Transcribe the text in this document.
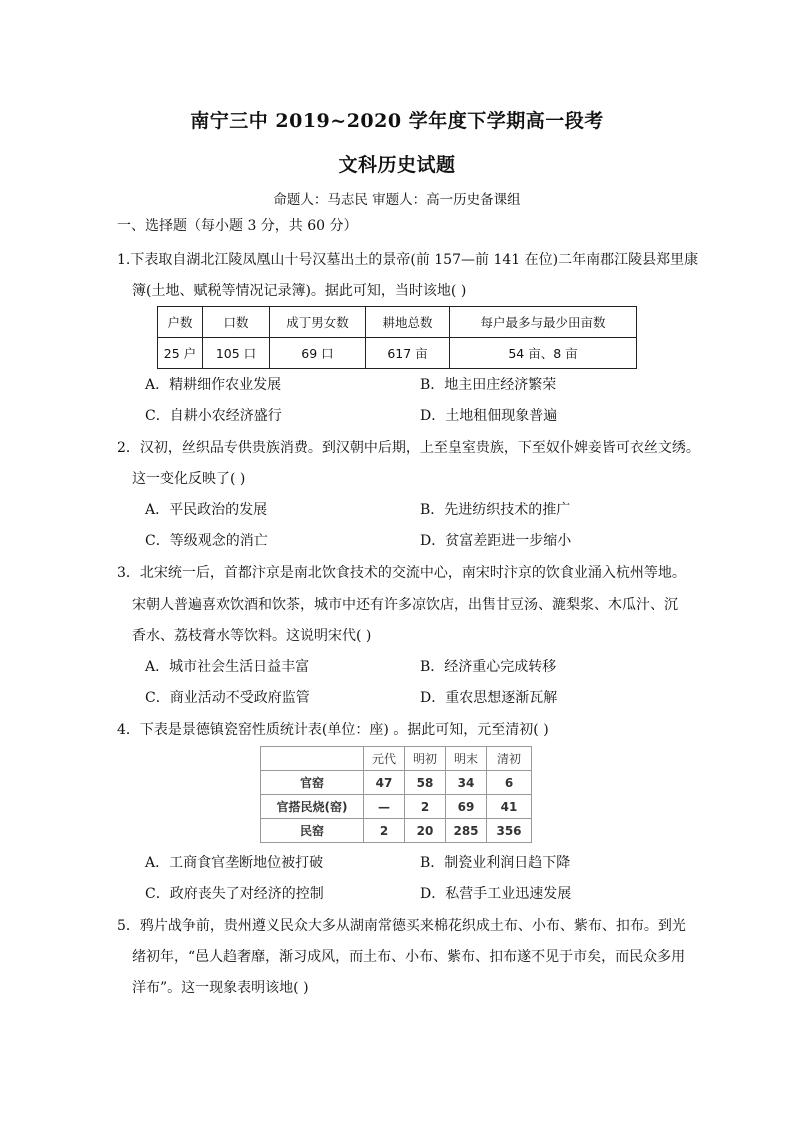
南宁三中 2019~2020 学年度下学期高一段考
文科历史试题
命题人：马志民 审题人：高一历史备课组
一、选择题（每小题 3 分，共 60 分）
1.下表取自湖北江陵凤凰山十号汉墓出土的景帝(前 157—前 141 在位)二年南郡江陵县郑里康
簿(土地、赋税等情况记录簿)。据此可知，当时该地( )
户数	口数	成丁男女数	耕地总数	每户最多与最少田亩数
25 户	105 口	69 口	617 亩	54 亩、8 亩
A．精耕细作农业发展	B．地主田庄经济繁荣
C．自耕小农经济盛行	D．土地租佃现象普遍
2．汉初，丝织品专供贵族消费。到汉朝中后期，上至皇室贵族，下至奴仆婢妾皆可衣丝文绣。
这一变化反映了( )
A．平民政治的发展	B．先进纺织技术的推广
C．等级观念的消亡	D．贫富差距进一步缩小
3．北宋统一后，首都汴京是南北饮食技术的交流中心，南宋时汴京的饮食业涌入杭州等地。
宋朝人普遍喜欢饮酒和饮茶，城市中还有许多凉饮店，出售甘豆汤、漉梨浆、木瓜汁、沉
香水、荔枝膏水等饮料。这说明宋代( )
A．城市社会生活日益丰富	B．经济重心完成转移
C．商业活动不受政府监管	D．重农思想逐渐瓦解
4．下表是景德镇瓷窑性质统计表(单位：座) 。据此可知，元至清初( )
	元代	明初	明末	清初
官窑	47	58	34	6
官搭民烧(窑)	—	2	69	41
民窑	2	20	285	356
A．工商食官垄断地位被打破	B．制瓷业利润日趋下降
C．政府丧失了对经济的控制	D．私营手工业迅速发展
5．鸦片战争前，贵州遵义民众大多从湖南常德买来棉花织成土布、小布、紫布、扣布。到光
绪初年，“邑人趋奢靡，渐习成风，而土布、小布、紫布、扣布遂不见于市矣，而民众多用
洋布”。这一现象表明该地( )
